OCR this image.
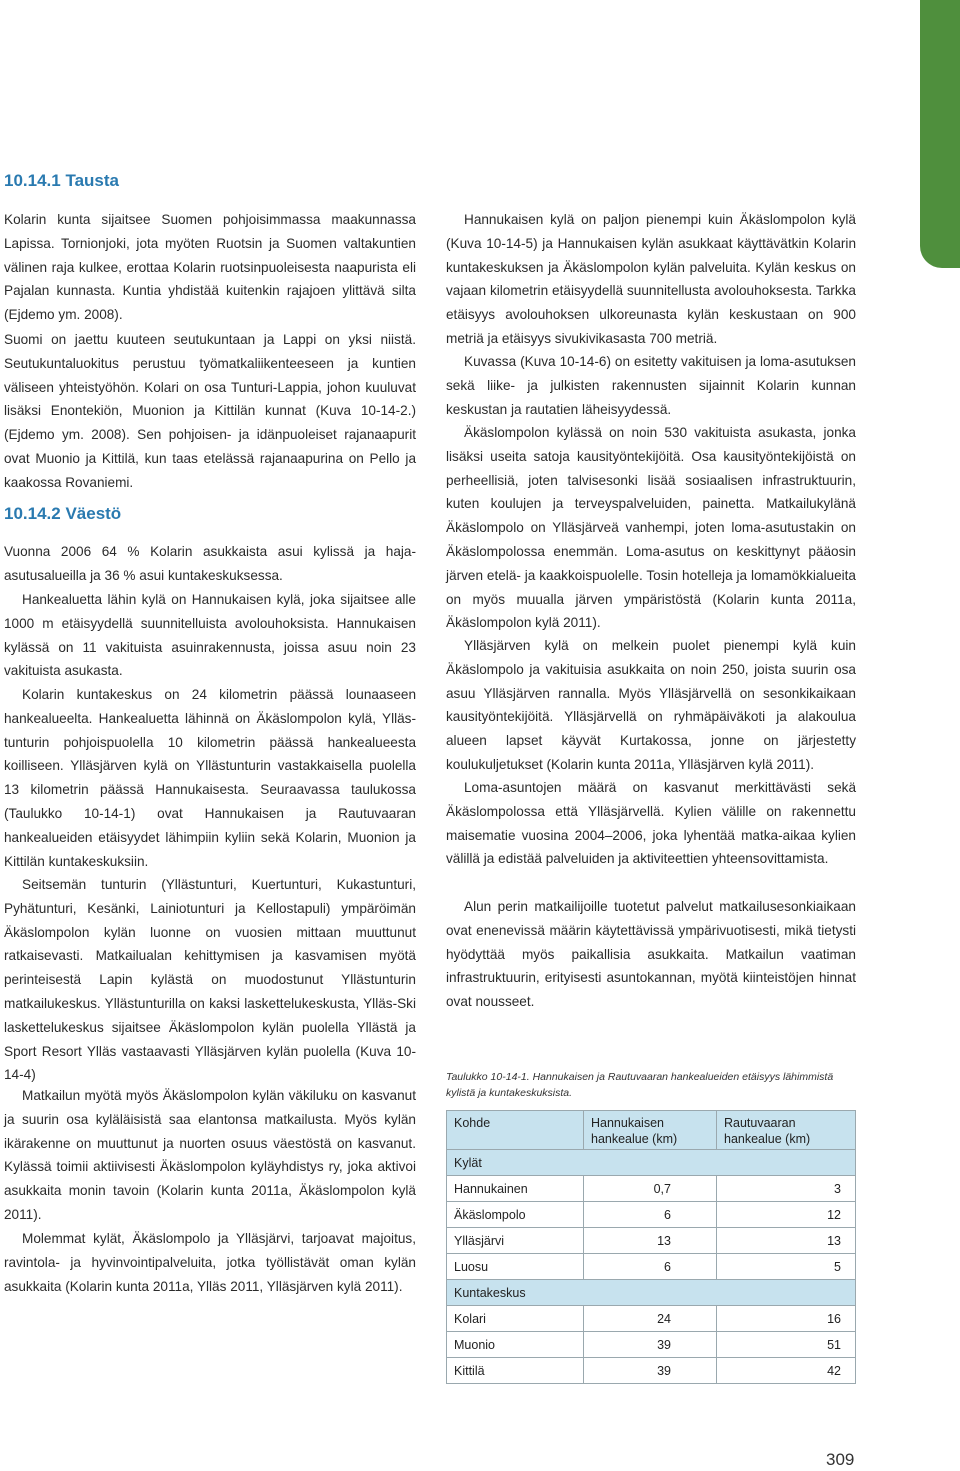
10.14.1 Tausta

Kolarin kunta sijaitsee Suomen pohjoisimmassa maakunnassa Lapissa. Tornionjoki, jota myöten Ruotsin ja Suomen valtakuntien välinen raja kulkee, erottaa Kolarin ruotsinpuoleisesta naapurista eli Pajalan kunnasta. Kuntia yhdistää kuitenkin rajajoen ylittävä silta (Ejdemo ym. 2008).

Suomi on jaettu kuuteen seutukuntaan ja Lappi on yksi niistä. Seutukuntaluokitus perustuu työmatkaliikenteeseen ja kuntien väliseen yhteistyöhön. Kolari on osa Tunturi-Lappia, johon kuuluvat lisäksi Enontekiön, Muonion ja Kittilän kunnat (Kuva 10-14-2.)(Ejdemo ym. 2008). Sen pohjoisen- ja idänpuoleiset rajanaapurit ovat Muonio ja Kittilä, kun taas etelässä rajanaapurina on Pello ja kaakossa Rovaniemi.

10.14.2 Väestö

Vuonna 2006 64 % Kolarin asukkaista asui kylissä ja haja-asutusalueilla ja 36 % asui kuntakeskuksessa.

Hankealuetta lähin kylä on Hannukaisen kylä, joka sijaitsee alle 1000 m etäisyydellä suunnitelluista avolouhoksista. Hannukaisen kylässä on 11 vakituista asuinrakennusta, joissa asuu noin 23 vakituista asukasta.

Kolarin kuntakeskus on 24 kilometrin päässä lounaaseen hankealueelta. Hankealuetta lähinnä on Äkäslompolon kylä, Yllästunturin pohjoispuolella 10 kilometrin päässä hankealueesta koilliseen. Ylläsjärven kylä on Yllästunturin vastakkaisella puolella 13 kilometrin päässä Hannukaisesta. Seuraavassa taulukossa (Taulukko 10-14-1) ovat Hannukaisen ja Rautuvaaran hankealueiden etäisyydet lähimpiin kyliin sekä Kolarin, Muonion ja Kittilän kuntakeskuksiin.

Seitsemän tunturin (Yllästunturi, Kuertunturi, Kukastunturi, Pyhätunturi, Kesänki, Lainiotunturi ja Kellostapuli) ympäröimän Äkäslompolon kylän luonne on vuosien mittaan muuttunut ratkaisevasti. Matkailualan kehittymisen ja kasvamisen myötä perinteisestä Lapin kylästä on muodostunut Yllästunturin matkailukeskus. Yllästunturilla on kaksi laskettelukeskusta, Ylläs-Ski laskettelukeskus sijaitsee Äkäslompolon kylän puolella Yllästä ja Sport Resort Ylläs vastaavasti Ylläsjärven kylän puolella (Kuva 10-14-4)

Matkailun myötä myös Äkäslompolon kylän väkiluku on kasvanut ja suurin osa kyläläisistä saa elantonsa matkailusta. Myös kylän ikärakenne on muuttunut ja nuorten osuus väestöstä on kasvanut. Kylässä toimii aktiivisesti Äkäslompolon kyläyhdistys ry, joka aktivoi asukkaita monin tavoin (Kolarin kunta 2011a, Äkäslompolon kylä 2011).

Molemmat kylät, Äkäslompolo ja Ylläsjärvi, tarjoavat majoitus, ravintola- ja hyvinvointipalveluita, jotka työllistävät oman kylän asukkaita (Kolarin kunta 2011a, Ylläs 2011, Ylläsjärven kylä 2011).

Hannukaisen kylä on paljon pienempi kuin Äkäslompolon kylä (Kuva 10-14-5) ja Hannukaisen kylän asukkaat käyttävätkin Kolarin kuntakeskuksen ja Äkäslompolon kylän palveluita. Kylän keskus on vajaan kilometrin etäisyydellä suunnitellusta avolouhoksesta. Tarkka etäisyys avolouhoksen ulkoreunasta kylän keskustaan on 900 metriä ja etäisyys sivukivikasasta 700 metriä.

Kuvassa (Kuva 10-14-6) on esitetty vakituisen ja loma-asutuksen sekä liike- ja julkisten rakennusten sijainnit Kolarin kunnan keskustan ja rautatien läheisyydessä.

Äkäslompolon kylässä on noin 530 vakituista asukasta, jonka lisäksi useita satoja kausityöntekijöitä. Osa kausityöntekijöistä on perheellisiä, joten talvisesonki lisää sosiaalisen infrastruktuurin, kuten koulujen ja terveyspalveluiden, painetta. Matkailukylänä Äkäslompolo on Ylläsjärveä vanhempi, joten loma-asutustakin on Äkäslompolossa enemmän. Loma-asutus on keskittynyt pääosin järven etelä- ja kaakkoispuolelle. Tosin hotelleja ja lomamökkialueita on myös muualla järven ympäristöstä (Kolarin kunta 2011a, Äkäslompolon kylä 2011).

Ylläsjärven kylä on melkein puolet pienempi kylä kuin Äkäslompolo ja vakituisia asukkaita on noin 250, joista suurin osa asuu Ylläsjärven rannalla. Myös Ylläsjärvellä on sesonkikaikaan kausityöntekijöitä. Ylläsjärvellä on ryhmäpäiväkoti ja alakoulua alueen lapset käyvät Kurtakossa, jonne on järjestetty koulukuljetukset (Kolarin kunta 2011a, Ylläsjärven kylä 2011).

Loma-asuntojen määrä on kasvanut merkittävästi sekä Äkäslompolossa että Ylläsjärvellä. Kylien välille on rakennettu maisematie vuosina 2004–2006, joka lyhentää matka-aikaa kylien välillä ja edistää palveluiden ja aktiviteettien yhteensovittamista.

Alun perin matkailijoille tuotetut palvelut matkailusesonkiaikaan ovat enenevissä määrin käytettävissä ympärivuotisesti, mikä tietysti hyödyttää myös paikallisia asukkaita. Matkailun vaatiman infrastruktuurin, erityisesti asuntokannan, myötä kiinteistöjen hinnat ovat nousseet.

Taulukko 10-14-1. Hannukaisen ja Rautuvaaran hankealueiden etäisyys lähimmistä kylistä ja kuntakeskuksista.

Kohde	Hannukaisen hankealue (km)	Rautuvaaran hankealue (km)
Kylät		
Hannukainen	0,7	3
Äkäslompolo	6	12
Ylläsjärvi	13	13
Luosu	6	5
Kuntakeskus		
Kolari	24	16
Muonio	39	51
Kittilä	39	42
309
